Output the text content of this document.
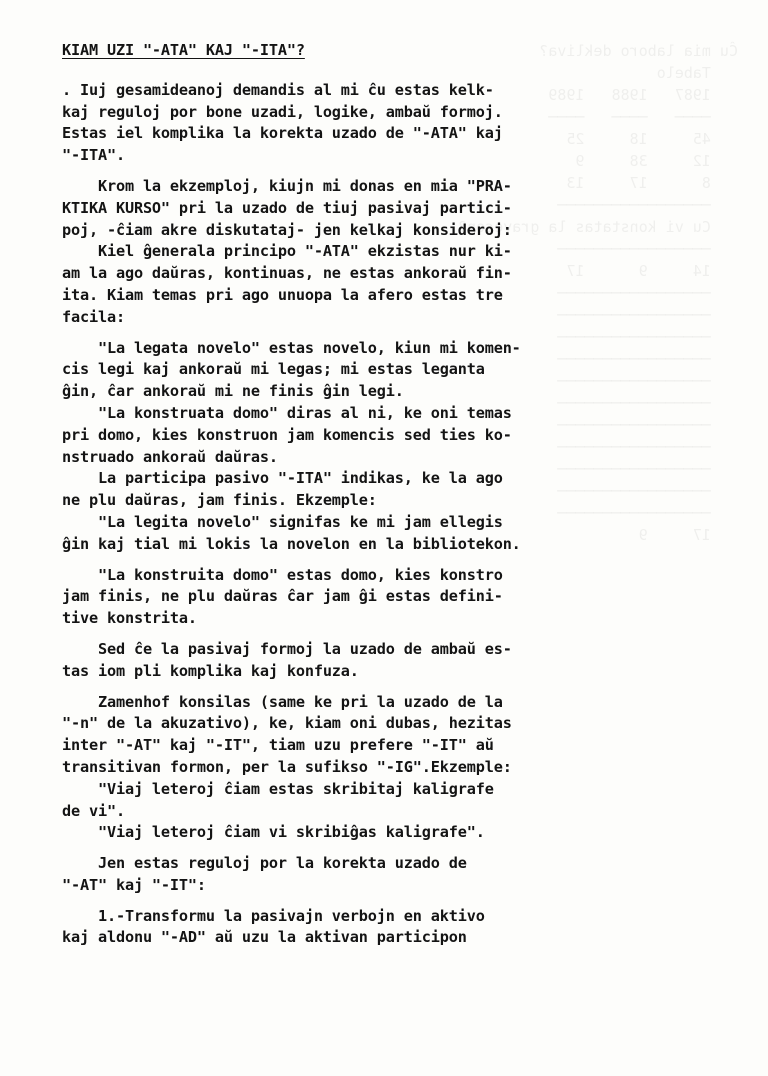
Ĉu mia laboro dekliva?
Tabelo
1987   1988   1989
────   ────   ────
45     18     25
12     38     9
8      17     13
─────────────────
Cu vi konstatas la gravecon?
─────────────────
14     9      17
─────────────────
─────────────────
─────────────────
─────────────────
─────────────────
─────────────────
─────────────────
─────────────────
─────────────────
─────────────────
─────────────────
17     9
KIAM UZI "-ATA" KAJ "-ITA"?
. Iuj gesamideanoj demandis al mi ĉu estas kelk-
kaj reguloj por bone uzadi, logike, ambaŭ formoj.
Estas iel komplika la korekta uzado de "-ATA" kaj
"-ITA".
Krom la ekzemploj, kiujn mi donas en mia "PRA-
KTIKA KURSO" pri la uzado de tiuj pasivaj partici-
poj, -ĉiam akre diskutataj- jen kelkaj konsideroj:
Kiel ĝenerala principo "-ATA" ekzistas nur ki-
am la ago daŭras, kontinuas, ne estas ankoraŭ fin-
ita. Kiam temas pri ago unuopa la afero estas tre
facila:
"La legata novelo" estas novelo, kiun mi komen-
cis legi kaj ankoraŭ mi legas; mi estas leganta
ĝin, ĉar ankoraŭ mi ne finis ĝin legi.
"La konstruata domo" diras al ni, ke oni temas
pri domo, kies konstruon jam komencis sed ties ko-
nstruado ankoraŭ daŭras.
La participa pasivo "-ITA" indikas, ke la ago
ne plu daŭras, jam finis. Ekzemple:
"La legita novelo" signifas ke mi jam ellegis
ĝin kaj tial mi lokis la novelon en la bibliotekon.
"La konstruita domo" estas domo, kies konstro
jam finis, ne plu daŭras ĉar jam ĝi estas defini-
tive konstrita.
Sed ĉe la pasivaj formoj la uzado de ambaŭ es-
tas iom pli komplika kaj konfuza.
Zamenhof konsilas (same ke pri la uzado de la
"-n" de la akuzativo), ke, kiam oni dubas, hezitas
inter "-AT" kaj "-IT", tiam uzu prefere "-IT" aŭ
transitivan formon, per la sufikso "-IG".Ekzemple:
"Viaj leteroj ĉiam estas skribitaj kaligrafe
de vi".
"Viaj leteroj ĉiam vi skribiĝas kaligrafe".
Jen estas reguloj por la korekta uzado de
"-AT" kaj "-IT":
1.-Transformu la pasivajn verbojn en aktivo
kaj aldonu "-AD" aŭ uzu la aktivan participon
